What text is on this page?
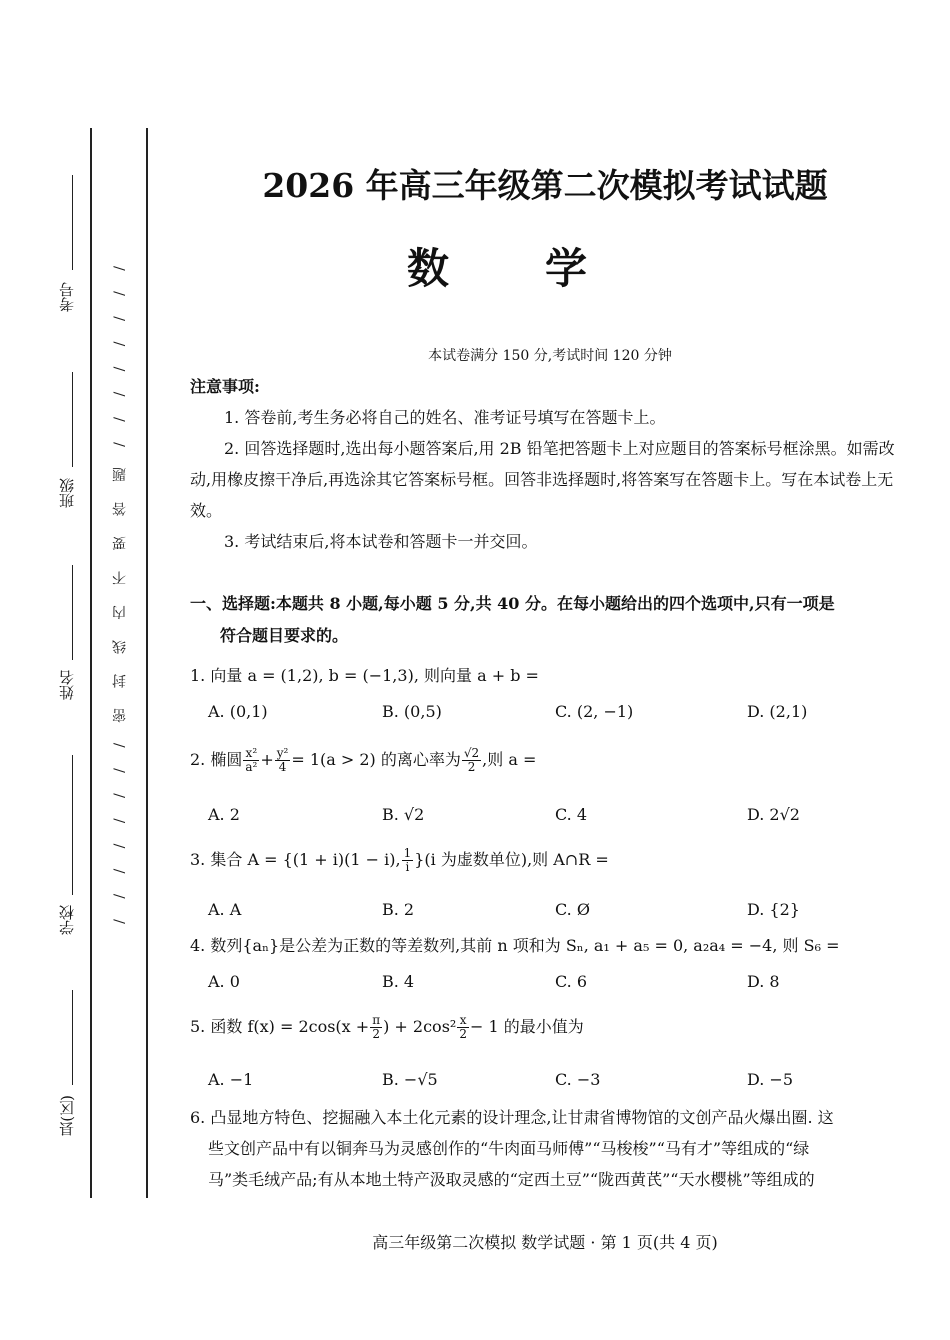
考号
班级
姓名
学校
县(区)
/ / / / / / / / 密 封 线 内 不 要 答 题 / / / / / / / /
2026 年高三年级第二次模拟考试试题
数学
本试卷满分 150 分,考试时间 120 分钟
注意事项:
1. 答卷前,考生务必将自己的姓名、准考证号填写在答题卡上。
2. 回答选择题时,选出每小题答案后,用 2B 铅笔把答题卡上对应题目的答案标号框涂黑。如需改动,用橡皮擦干净后,再选涂其它答案标号框。回答非选择题时,将答案写在答题卡上。写在本试卷上无效。
3. 考试结束后,将本试卷和答题卡一并交回。
一、选择题:本题共 8 小题,每小题 5 分,共 40 分。在每小题给出的四个选项中,只有一项是
符合题目要求的。
1. 向量 a = (1,2), b = (−1,3), 则向量 a + b =
A. (0,1)	B. (0,5)	C. (2, −1)	D. (2,1)
2. 椭圆 $\frac{\text{x²}}{\text{a²}} + \frac{\text{y²}}{4} = 1(a > 2)$ 的离心率为 $\frac{√2}{2}$ ,则 a =
A. 2	B. √2	C. 4	D. 2√2
3. 集合 A = {(1 + i)(1 − i), $\frac{1}{i} \}(i$ 为虚数单位),则 A∩R =
A. A	B. 2	C. Ø	D. {2}
4. 数列{aₙ}是公差为正数的等差数列,其前 n 项和为 Sₙ, a₁ + a₅ = 0, a₂a₄ = −4, 则 S₆ =
A. 0	B. 4	C. 6	D. 8
5. 函数 $f(x) = 2\cos(x + \frac{\pi}{2}$ ) + $2\cos^2 \frac{x}{2} - 1$ 的最小值为
A. −1	B. −√5	C. −3	D. −5
6. 凸显地方特色、挖掘融入本土化元素的设计理念,让甘肃省博物馆的文创产品火爆出圈. 这
些文创产品中有以铜奔马为灵感创作的“牛肉面马师傅”“马梭梭”“马有才”等组成的“绿
马”类毛绒产品;有从本地土特产汲取灵感的“定西土豆”“陇西黄芪”“天水樱桃”等组成的
高三年级第二次模拟 数学试题 · 第 1 页(共 4 页)
